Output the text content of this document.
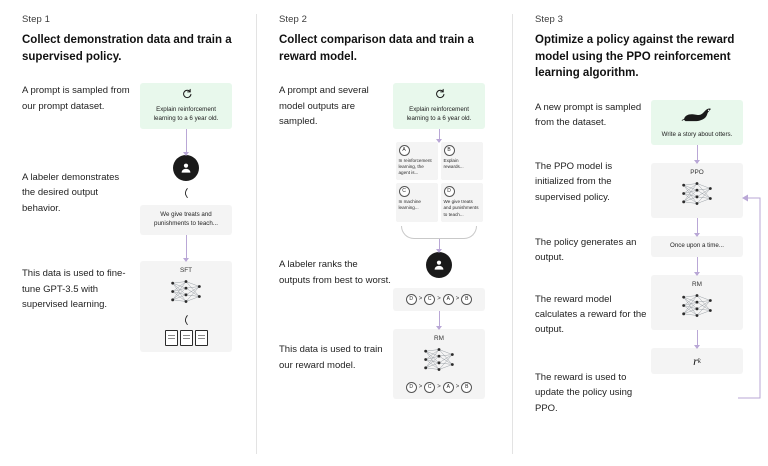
Step 1
Collect demonstration data and train a supervised policy.
A prompt is sampled from our prompt dataset.
A labeler demonstrates the desired output behavior.
This data is used to fine-tune GPT-3.5 with supervised learning.
Explain reinforcement learning to a 6 year old.
We give treats and punishments to teach...
SFT
Step 2
Collect comparison data and train a reward model.
A prompt and several model outputs are sampled.
A labeler ranks the outputs from best to worst.
This data is used to train our reward model.
Explain reinforcement learning to a 6 year old.
A
In reinforcement learning, the agent is...
B
Explain rewards...
C
In machine learning...
D
We give treats and punishments to teach...
D >	C >	A >	B
RM
D >	C >	A >	B
Step 3
Optimize a policy against the reward model using the PPO reinforcement learning algorithm.
A new prompt is sampled from the dataset.
The PPO model is initialized from the supervised policy.
The policy generates an output.
The reward model calculates a reward for the output.
The reward is used to update the policy using PPO.
Write a story about otters.
PPO
Once upon a time...
RM
r k
